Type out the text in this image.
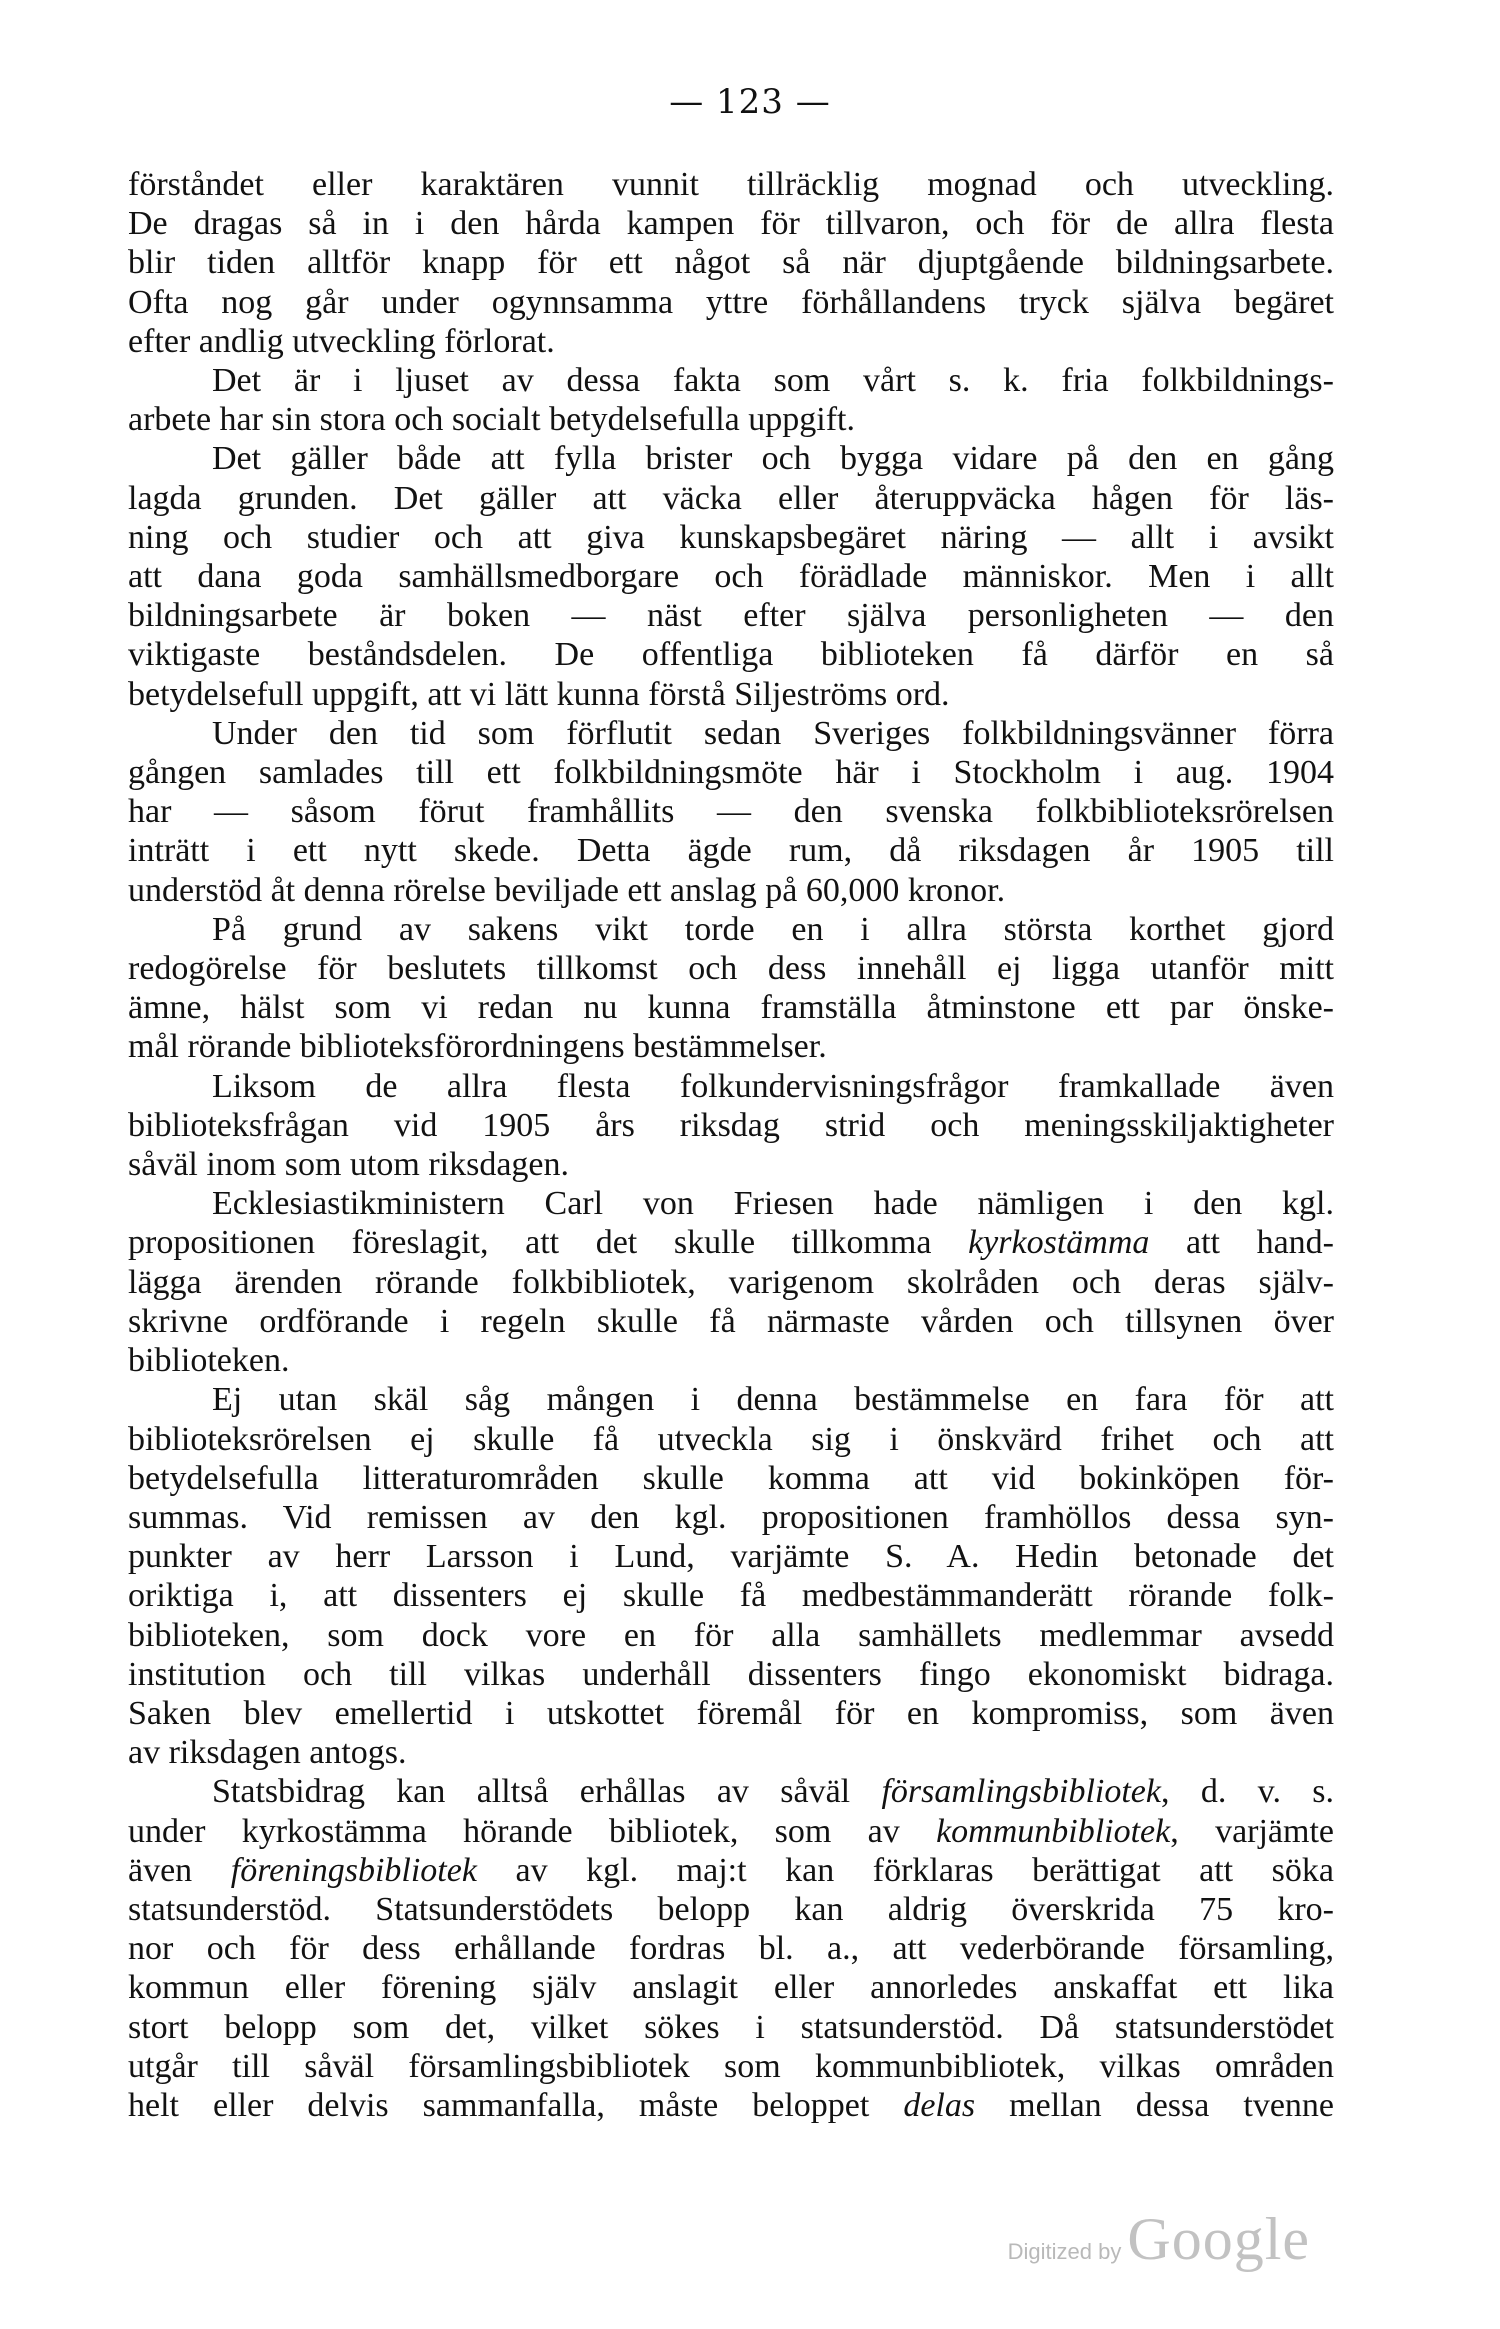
— 123 —
förståndet eller karaktären vunnit tillräcklig mognad och utveckling.
De dragas så in i den hårda kampen för tillvaron, och för de allra flesta
blir tiden alltför knapp för ett något så när djuptgående bildningsarbete.
Ofta nog går under ogynnsamma yttre förhållandens tryck själva begäret
efter andlig utveckling förlorat.
Det är i ljuset av dessa fakta som vårt s. k. fria folkbildnings-
arbete har sin stora och socialt betydelsefulla uppgift.
Det gäller både att fylla brister och bygga vidare på den en gång
lagda grunden. Det gäller att väcka eller återuppväcka hågen för läs-
ning och studier och att giva kunskapsbegäret näring — allt i avsikt
att dana goda samhällsmedborgare och förädlade människor. Men i allt
bildningsarbete är boken — näst efter själva personligheten — den
viktigaste beståndsdelen. De offentliga biblioteken få därför en så
betydelsefull uppgift, att vi lätt kunna förstå Siljeströms ord.
Under den tid som förflutit sedan Sveriges folkbildningsvänner förra
gången samlades till ett folkbildningsmöte här i Stockholm i aug. 1904
har — såsom förut framhållits — den svenska folkbiblioteksrörelsen
inträtt i ett nytt skede. Detta ägde rum, då riksdagen år 1905 till
understöd åt denna rörelse beviljade ett anslag på 60,000 kronor.
På grund av sakens vikt torde en i allra största korthet gjord
redogörelse för beslutets tillkomst och dess innehåll ej ligga utanför mitt
ämne, hälst som vi redan nu kunna framställa åtminstone ett par önske-
mål rörande biblioteksförordningens bestämmelser.
Liksom de allra flesta folkundervisningsfrågor framkallade även
biblioteksfrågan vid 1905 års riksdag strid och meningsskiljaktigheter
såväl inom som utom riksdagen.
Ecklesiastikministern Carl von Friesen hade nämligen i den kgl.
propositionen föreslagit, att det skulle tillkomma kyrkostämma att hand-
lägga ärenden rörande folkbibliotek, varigenom skolråden och deras själv-
skrivne ordförande i regeln skulle få närmaste vården och tillsynen över
biblioteken.
Ej utan skäl såg mången i denna bestämmelse en fara för att
biblioteksrörelsen ej skulle få utveckla sig i önskvärd frihet och att
betydelsefulla litteraturområden skulle komma att vid bokinköpen för-
summas. Vid remissen av den kgl. propositionen framhöllos dessa syn-
punkter av herr Larsson i Lund, varjämte S. A. Hedin betonade det
oriktiga i, att dissenters ej skulle få medbestämmanderätt rörande folk-
biblioteken, som dock vore en för alla samhällets medlemmar avsedd
institution och till vilkas underhåll dissenters fingo ekonomiskt bidraga.
Saken blev emellertid i utskottet föremål för en kompromiss, som även
av riksdagen antogs.
Statsbidrag kan alltså erhållas av såväl församlingsbibliotek, d. v. s.
under kyrkostämma hörande bibliotek, som av kommunbibliotek, varjämte
även föreningsbibliotek av kgl. maj:t kan förklaras berättigat att söka
statsunderstöd. Statsunderstödets belopp kan aldrig överskrida 75 kro-
nor och för dess erhållande fordras bl. a., att vederbörande församling,
kommun eller förening själv anslagit eller annorledes anskaffat ett lika
stort belopp som det, vilket sökes i statsunderstöd. Då statsunderstödet
utgår till såväl församlingsbibliotek som kommunbibliotek, vilkas områden
helt eller delvis sammanfalla, måste beloppet delas mellan dessa tvenne
Digitized by Google
